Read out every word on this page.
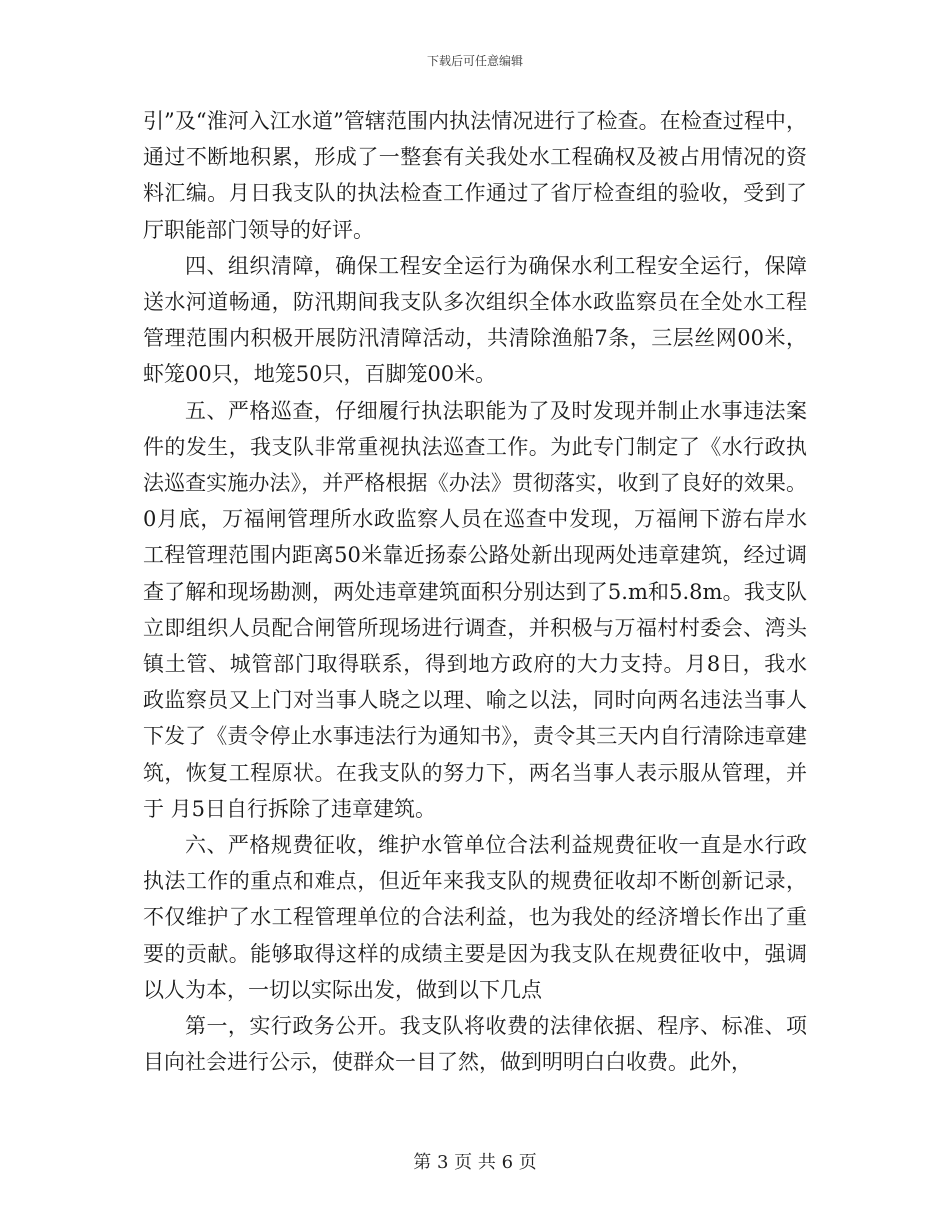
下载后可任意编辑

引”及“淮河入江水道”管辖范围内执法情况进行了检查。在检查过程中，通过不断地积累，形成了一整套有关我处水工程确权及被占用情况的资料汇编。月日我支队的执法检查工作通过了省厅检查组的验收，受到了厅职能部门领导的好评。

四、组织清障，确保工程安全运行为确保水利工程安全运行，保障送水河道畅通，防汛期间我支队多次组织全体水政监察员在全处水工程管理范围内积极开展防汛清障活动，共清除渔船7条，三层丝网00米，虾笼00只，地笼50只，百脚笼00米。

五、严格巡查，仔细履行执法职能为了及时发现并制止水事违法案件的发生，我支队非常重视执法巡查工作。为此专门制定了《水行政执法巡查实施办法》，并严格根据《办法》贯彻落实，收到了良好的效果。0月底，万福闸管理所水政监察人员在巡查中发现，万福闸下游右岸水工程管理范围内距离50米靠近扬泰公路处新出现两处违章建筑，经过调查了解和现场勘测，两处违章建筑面积分别达到了5.m和5.8m。我支队立即组织人员配合闸管所现场进行调查，并积极与万福村村委会、湾头镇土管、城管部门取得联系，得到地方政府的大力支持。月8日，我水政监察员又上门对当事人晓之以理、喻之以法，同时向两名违法当事人下发了《责令停止水事违法行为通知书》，责令其三天内自行清除违章建筑，恢复工程原状。在我支队的努力下，两名当事人表示服从管理，并于 月5日自行拆除了违章建筑。

六、严格规费征收，维护水管单位合法利益规费征收一直是水行政执法工作的重点和难点，但近年来我支队的规费征收却不断创新记录，不仅维护了水工程管理单位的合法利益，也为我处的经济增长作出了重要的贡献。能够取得这样的成绩主要是因为我支队在规费征收中，强调以人为本，一切以实际出发，做到以下几点

第一，实行政务公开。我支队将收费的法律依据、程序、标准、项目向社会进行公示，使群众一目了然，做到明明白白收费。此外，

第 3 页 共 6 页
